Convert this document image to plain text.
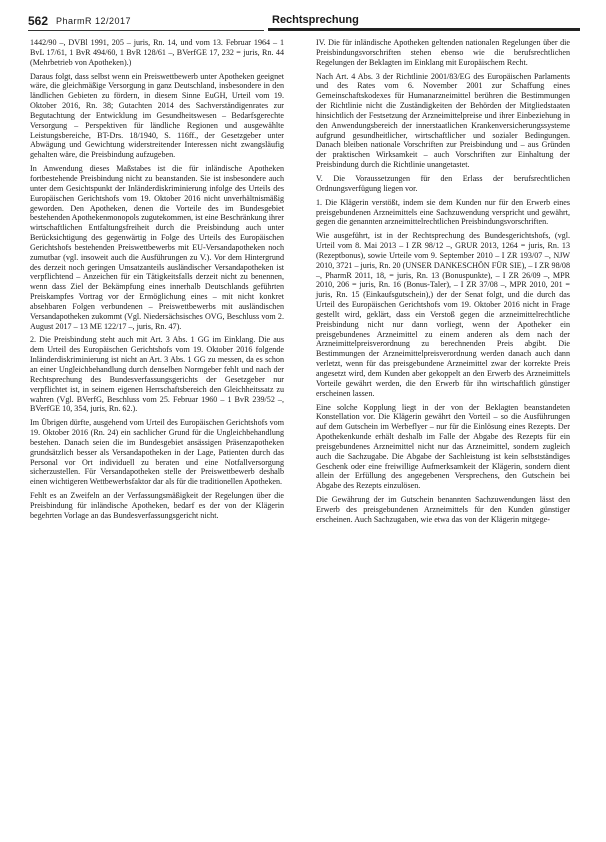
562 PharmR 12/2017	Rechtsprechung

1442/90 –, DVBl 1991, 205 – juris, Rn. 14, und vom 13. Februar 1964 – 1 BvL 17/61, 1 BvR 494/60, 1 BvR 128/61 –, BVerfGE 17, 232 = juris, Rn. 44 (Mehrbetrieb von Apotheken).)

Daraus folgt, dass selbst wenn ein Preiswettbewerb unter Apotheken geeignet wäre, die gleichmäßige Versorgung in ganz Deutschland, insbesondere in den ländlichen Gebieten zu fördern, in diesem Sinne EuGH, Urteil vom 19. Oktober 2016, Rn. 38; Gutachten 2014 des Sachverständigenrates zur Begutachtung der Entwicklung im Gesundheitswesen – Bedarfsgerechte Versorgung – Perspektiven für ländliche Regionen und ausgewählte Leistungsbereiche, BT-Drs. 18/1940, S. 116ff., der Gesetzgeber unter Abwägung und Gewichtung widerstreitender Interessen nicht zwangsläufig gehalten wäre, die Preisbindung aufzugeben.

In Anwendung dieses Maßstabes ist die für inländische Apotheken fortbestehende Preisbindung nicht zu beanstanden. Sie ist insbesondere auch unter dem Gesichtspunkt der Inländerdiskriminierung infolge des Urteils des Europäischen Gerichtshofs vom 19. Oktober 2016 nicht unverhältnismäßig geworden. Den Apotheken, denen die Vorteile des im Bundesgebiet bestehenden Apothekenmonopols zugutekommen, ist eine Beschränkung ihrer wirtschaftlichen Entfaltungsfreiheit durch die Preisbindung auch unter Berücksichtigung des gegenwärtig in Folge des Urteils des Europäischen Gerichtshofs bestehenden Preiswettbewerbs mit EU-Versandapotheken noch zumutbar (vgl. insoweit auch die Ausführungen zu V.). Vor dem Hintergrund des derzeit noch geringen Umsatzanteils ausländischer Versandapotheken ist verpflichtend – Anzeichen für ein Tätigkeitsfalls derzeit nicht zu benennen, wenn dass Ziel der Bekämpfung eines innerhalb Deutschlands geführten Preiskampfes Vortrag vor der Ermöglichung eines – mit nicht konkret absehbaren Folgen verbundenen – Preiswettbewerbs mit ausländischen Versandapotheken zukommt (Vgl. Niedersächsisches OVG, Beschluss vom 2. August 2017 – 13 ME 122/17 –, juris, Rn. 47).

2. Die Preisbindung steht auch mit Art. 3 Abs. 1 GG im Einklang. Die aus dem Urteil des Europäischen Gerichtshofs vom 19. Oktober 2016 folgende Inländerdiskriminierung ist nicht an Art. 3 Abs. 1 GG zu messen, da es schon an einer Ungleichbehandlung durch denselben Normgeber fehlt und nach der Rechtsprechung des Bundesverfassungsgerichts der Gesetzgeber nur verpflichtet ist, in seinem eigenen Herrschaftsbereich den Gleichheitssatz zu wahren (Vgl. BVerfG, Beschluss vom 25. Februar 1960 – 1 BvR 239/52 –, BVerfGE 10, 354, juris, Rn. 62.).

Im Übrigen dürfte, ausgehend vom Urteil des Europäischen Gerichtshofs vom 19. Oktober 2016 (Rn. 24) ein sachlicher Grund für die Ungleichbehandlung bestehen. Danach seien die im Bundesgebiet ansässigen Präsenzapotheken grundsätzlich besser als Versandapotheken in der Lage, Patienten durch das Personal vor Ort individuell zu beraten und eine Notfallversorgung sicherzustellen. Für Versandapotheken stelle der Preiswettbewerb deshalb einen wichtigeren Wettbewerbsfaktor dar als für die traditionellen Apotheken.

Fehlt es an Zweifeln an der Verfassungsmäßigkeit der Regelungen über die Preisbindung für inländische Apotheken, bedarf es der von der Klägerin begehrten Vorlage an das Bundesverfassungsgericht nicht.

IV. Die für inländische Apotheken geltenden nationalen Regelungen über die Preisbindungsvorschriften stehen ebenso wie die berufsrechtlichen Regelungen der Beklagten im Einklang mit Europäischem Recht.

Nach Art. 4 Abs. 3 der Richtlinie 2001/83/EG des Europäischen Parlaments und des Rates vom 6. November 2001 zur Schaffung eines Gemeinschaftskodexes für Humanarzneimittel berühren die Bestimmungen der Richtlinie nicht die Zuständigkeiten der Behörden der Mitgliedstaaten hinsichtlich der Festsetzung der Arzneimittelpreise und ihrer Einbeziehung in den Anwendungsbereich der innerstaatlichen Krankenversicherungssysteme aufgrund gesundheitlicher, wirtschaftlicher und sozialer Bedingungen. Danach bleiben nationale Vorschriften zur Preisbindung und – aus Gründen der praktischen Wirksamkeit – auch Vorschriften zur Einhaltung der Preisbindung durch die Richtlinie unangetastet.

V. Die Voraussetzungen für den Erlass der berufsrechtlichen Ordnungsverfügung liegen vor.

1. Die Klägerin verstößt, indem sie dem Kunden nur für den Erwerb eines preisgebundenen Arzneimittels eine Sachzuwendung verspricht und gewährt, gegen die genannten arzneimittelrechtlichen Preisbindungsvorschriften.

Wie ausgeführt, ist in der Rechtsprechung des Bundesgerichtshofs, (vgl. Urteil vom 8. Mai 2013 – I ZR 98/12 –, GRUR 2013, 1264 = juris, Rn. 13 (Rezeptbonus), sowie Urteile vom 9. September 2010 – I ZR 193/07 –, NJW 2010, 3721 – juris, Rn. 20 (UNSER DANKESCHÖN FÜR SIE), – I ZR 98/08 –, PharmR 2011, 18, = juris, Rn. 13 (Bonuspunkte), – I ZR 26/09 –, MPR 2010, 206 = juris, Rn. 16 (Bonus-Taler), – I ZR 37/08 –, MPR 2010, 201 = juris, Rn. 15 (Einkaufsgutschein),) der der Senat folgt, und die durch das Urteil des Europäischen Gerichtshofs vom 19. Oktober 2016 nicht in Frage gestellt wird, geklärt, dass ein Verstoß gegen die arzneimittelrechtliche Preisbindung nicht nur dann vorliegt, wenn der Apotheker ein preisgebundenes Arzneimittel zu einem anderen als dem nach der Arzneimittelpreisverordnung zu berechnenden Preis abgibt. Die Bestimmungen der Arzneimittelpreisverordnung werden danach auch dann verletzt, wenn für das preisgebundene Arzneimittel zwar der korrekte Preis angesetzt wird, dem Kunden aber gekoppelt an den Erwerb des Arzneimittels Vorteile gewährt werden, die den Erwerb für ihn wirtschaftlich günstiger erscheinen lassen.

Eine solche Kopplung liegt in der von der Beklagten beanstandeten Konstellation vor. Die Klägerin gewährt den Vorteil – so die Ausführungen auf dem Gutschein im Werbeflyer – nur für die Einlösung eines Rezepts. Der Apothekenkunde erhält deshalb im Falle der Abgabe des Rezepts für ein preisgebundenes Arzneimittel nicht nur das Arzneimittel, sondern zugleich auch die Sachzugabe. Die Abgabe der Sachleistung ist kein selbstständiges Geschenk oder eine freiwillige Aufmerksamkeit der Klägerin, sondern dient allein der Erfüllung des angegebenen Versprechens, den Gutschein bei Abgabe des Rezepts einzulösen.

Die Gewährung der im Gutschein benannten Sachzuwendungen lässt den Erwerb des preisgebundenen Arzneimittels für den Kunden günstiger erscheinen. Auch Sachzugaben, wie etwa das von der Klägerin mitgege-
